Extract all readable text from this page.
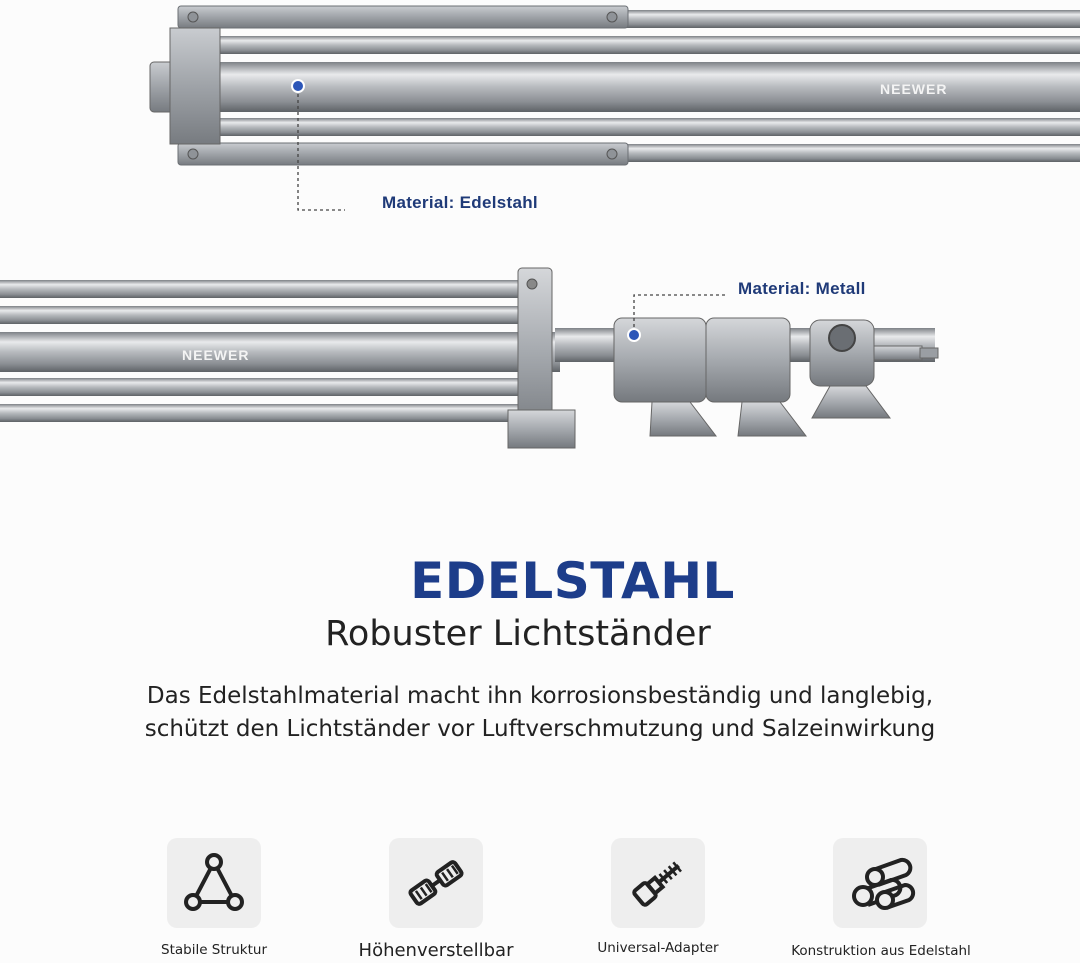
NEEWER
Material: Edelstahl
NEEWER
Material: Metall
EDELSTAHL
Robuster Lichtständer
Das Edelstahlmaterial macht ihn korrosionsbeständig und langlebig,
schützt den Lichtständer vor Luftverschmutzung und Salzeinwirkung
Stabile Struktur	Höhenverstellbar	Universal-Adapter	Konstruktion aus Edelstahl
